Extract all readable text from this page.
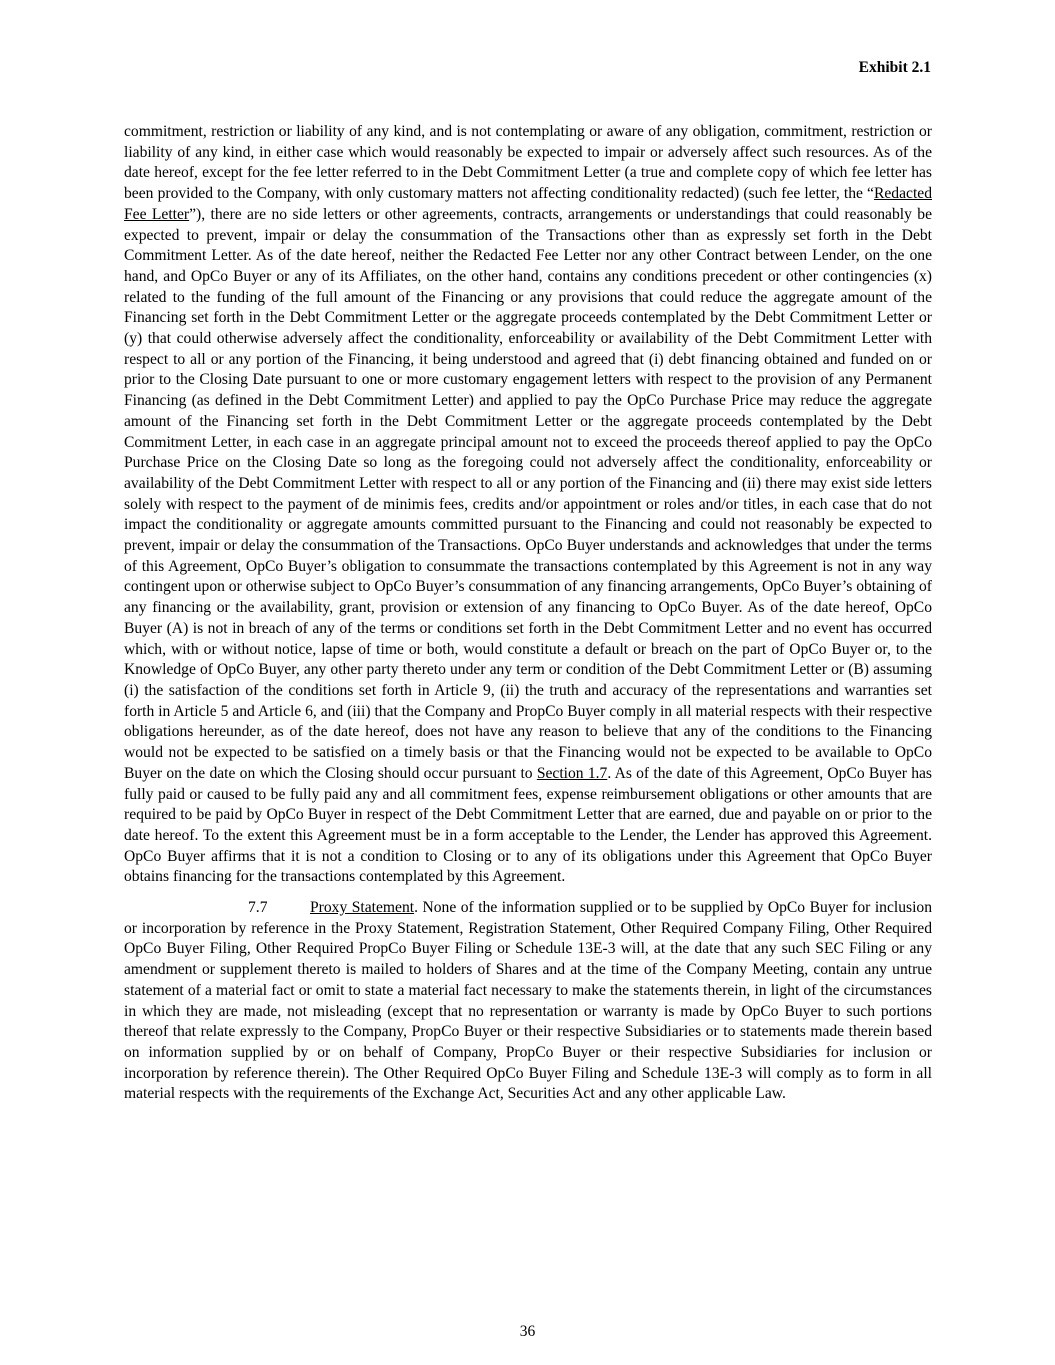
Exhibit 2.1

commitment, restriction or liability of any kind, and is not contemplating or aware of any obligation, commitment, restriction or liability of any kind, in either case which would reasonably be expected to impair or adversely affect such resources. As of the date hereof, except for the fee letter referred to in the Debt Commitment Letter (a true and complete copy of which fee letter has been provided to the Company, with only customary matters not affecting conditionality redacted) (such fee letter, the “Redacted Fee Letter”), there are no side letters or other agreements, contracts, arrangements or understandings that could reasonably be expected to prevent, impair or delay the consummation of the Transactions other than as expressly set forth in the Debt Commitment Letter. As of the date hereof, neither the Redacted Fee Letter nor any other Contract between Lender, on the one hand, and OpCo Buyer or any of its Affiliates, on the other hand, contains any conditions precedent or other contingencies (x) related to the funding of the full amount of the Financing or any provisions that could reduce the aggregate amount of the Financing set forth in the Debt Commitment Letter or the aggregate proceeds contemplated by the Debt Commitment Letter or (y) that could otherwise adversely affect the conditionality, enforceability or availability of the Debt Commitment Letter with respect to all or any portion of the Financing, it being understood and agreed that (i) debt financing obtained and funded on or prior to the Closing Date pursuant to one or more customary engagement letters with respect to the provision of any Permanent Financing (as defined in the Debt Commitment Letter) and applied to pay the OpCo Purchase Price may reduce the aggregate amount of the Financing set forth in the Debt Commitment Letter or the aggregate proceeds contemplated by the Debt Commitment Letter, in each case in an aggregate principal amount not to exceed the proceeds thereof applied to pay the OpCo Purchase Price on the Closing Date so long as the foregoing could not adversely affect the conditionality, enforceability or availability of the Debt Commitment Letter with respect to all or any portion of the Financing and (ii) there may exist side letters solely with respect to the payment of de minimis fees, credits and/or appointment or roles and/or titles, in each case that do not impact the conditionality or aggregate amounts committed pursuant to the Financing and could not reasonably be expected to prevent, impair or delay the consummation of the Transactions. OpCo Buyer understands and acknowledges that under the terms of this Agreement, OpCo Buyer’s obligation to consummate the transactions contemplated by this Agreement is not in any way contingent upon or otherwise subject to OpCo Buyer’s consummation of any financing arrangements, OpCo Buyer’s obtaining of any financing or the availability, grant, provision or extension of any financing to OpCo Buyer. As of the date hereof, OpCo Buyer (A) is not in breach of any of the terms or conditions set forth in the Debt Commitment Letter and no event has occurred which, with or without notice, lapse of time or both, would constitute a default or breach on the part of OpCo Buyer or, to the Knowledge of OpCo Buyer, any other party thereto under any term or condition of the Debt Commitment Letter or (B) assuming (i) the satisfaction of the conditions set forth in Article 9, (ii) the truth and accuracy of the representations and warranties set forth in Article 5 and Article 6, and (iii) that the Company and PropCo Buyer comply in all material respects with their respective obligations hereunder, as of the date hereof, does not have any reason to believe that any of the conditions to the Financing would not be expected to be satisfied on a timely basis or that the Financing would not be expected to be available to OpCo Buyer on the date on which the Closing should occur pursuant to Section 1.7. As of the date of this Agreement, OpCo Buyer has fully paid or caused to be fully paid any and all commitment fees, expense reimbursement obligations or other amounts that are required to be paid by OpCo Buyer in respect of the Debt Commitment Letter that are earned, due and payable on or prior to the date hereof. To the extent this Agreement must be in a form acceptable to the Lender, the Lender has approved this Agreement. OpCo Buyer affirms that it is not a condition to Closing or to any of its obligations under this Agreement that OpCo Buyer obtains financing for the transactions contemplated by this Agreement.

7.7	Proxy Statement. None of the information supplied or to be supplied by OpCo Buyer for inclusion or incorporation by reference in the Proxy Statement, Registration Statement, Other Required Company Filing, Other Required OpCo Buyer Filing, Other Required PropCo Buyer Filing or Schedule 13E-3 will, at the date that any such SEC Filing or any amendment or supplement thereto is mailed to holders of Shares and at the time of the Company Meeting, contain any untrue statement of a material fact or omit to state a material fact necessary to make the statements therein, in light of the circumstances in which they are made, not misleading (except that no representation or warranty is made by OpCo Buyer to such portions thereof that relate expressly to the Company, PropCo Buyer or their respective Subsidiaries or to statements made therein based on information supplied by or on behalf of Company, PropCo Buyer or their respective Subsidiaries for inclusion or incorporation by reference therein). The Other Required OpCo Buyer Filing and Schedule 13E-3 will comply as to form in all material respects with the requirements of the Exchange Act, Securities Act and any other applicable Law.

36
